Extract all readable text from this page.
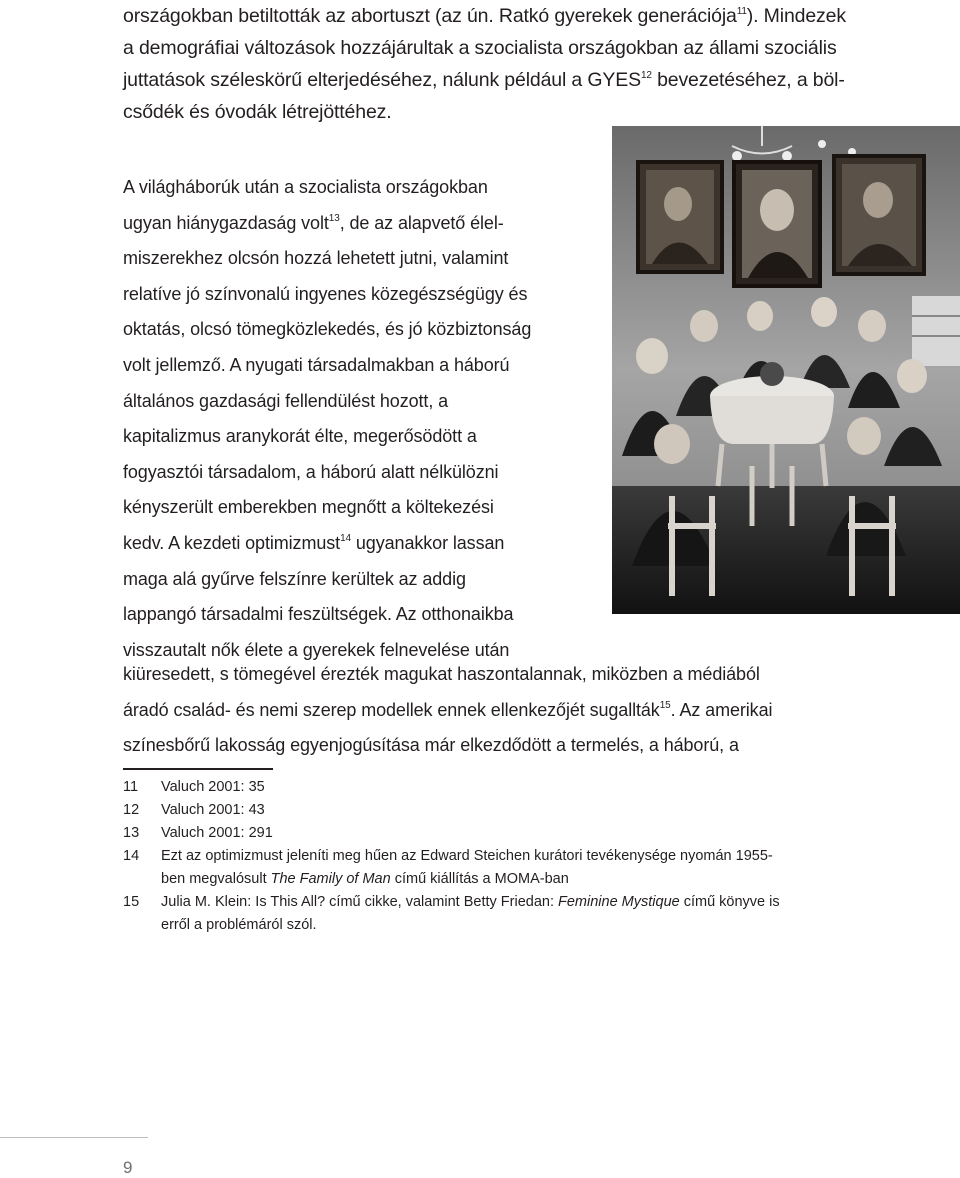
országokban betiltották az abortuszt (az ún. Ratkó gyerekek generációja$^{11}$). Mindezek
a demográfiai változások hozzájárultak a szocialista országokban az állami szociális
juttatások széleskörű elterjedéséhez, nálunk például a GYES$^{12}$ bevezetéséhez, a böl-
csődék és óvodák létrejöttéhez.

A világháborúk után a szocialista országokban
ugyan hiánygazdaság volt$^{13}$, de az alapvető élel-
miszerekhez olcsón hozzá lehetett jutni, valamint
relatíve jó színvonalú ingyenes közegészségügy és
oktatás, olcsó tömegközlekedés, és jó közbiztonság
volt jellemző. A nyugati társadalmakban a háború
általános gazdasági fellendülést hozott, a
kapitalizmus aranykorát élte, megerősödött a
fogyasztói társadalom, a háború alatt nélkülözni
kényszerült emberekben megnőtt a költekezési
kedv. A kezdeti optimizmust$^{14}$ ugyanakkor lassan
maga alá gyűrve felszínre kerültek az addig
lappangó társadalmi feszültségek. Az otthonaikba
visszautalt nők élete a gyerekek felnevelése után
kiüresedett, s tömegével érezték magukat haszontalannak, miközben a médiából
áradó család- és nemi szerep modellek ennek ellenkezőjét sugallták$^{15}$. Az amerikai
színesbőrű lakosság egyenjogúsítása már elkezdődött a termelés, a háború, a
11 Valuch 2001: 35
12 Valuch 2001: 43
13 Valuch 2001: 291
14 Ezt az optimizmust jeleníti meg hűen az Edward Steichen kurátori tevékenysége nyomán 1955-
ben megvalósult The Family of Man című kiállítás a MOMA-ban
15 Julia M. Klein: Is This All? című cikke, valamint Betty Friedan: Feminine Mystique című könyve is
erről a problémáról szól.
9
